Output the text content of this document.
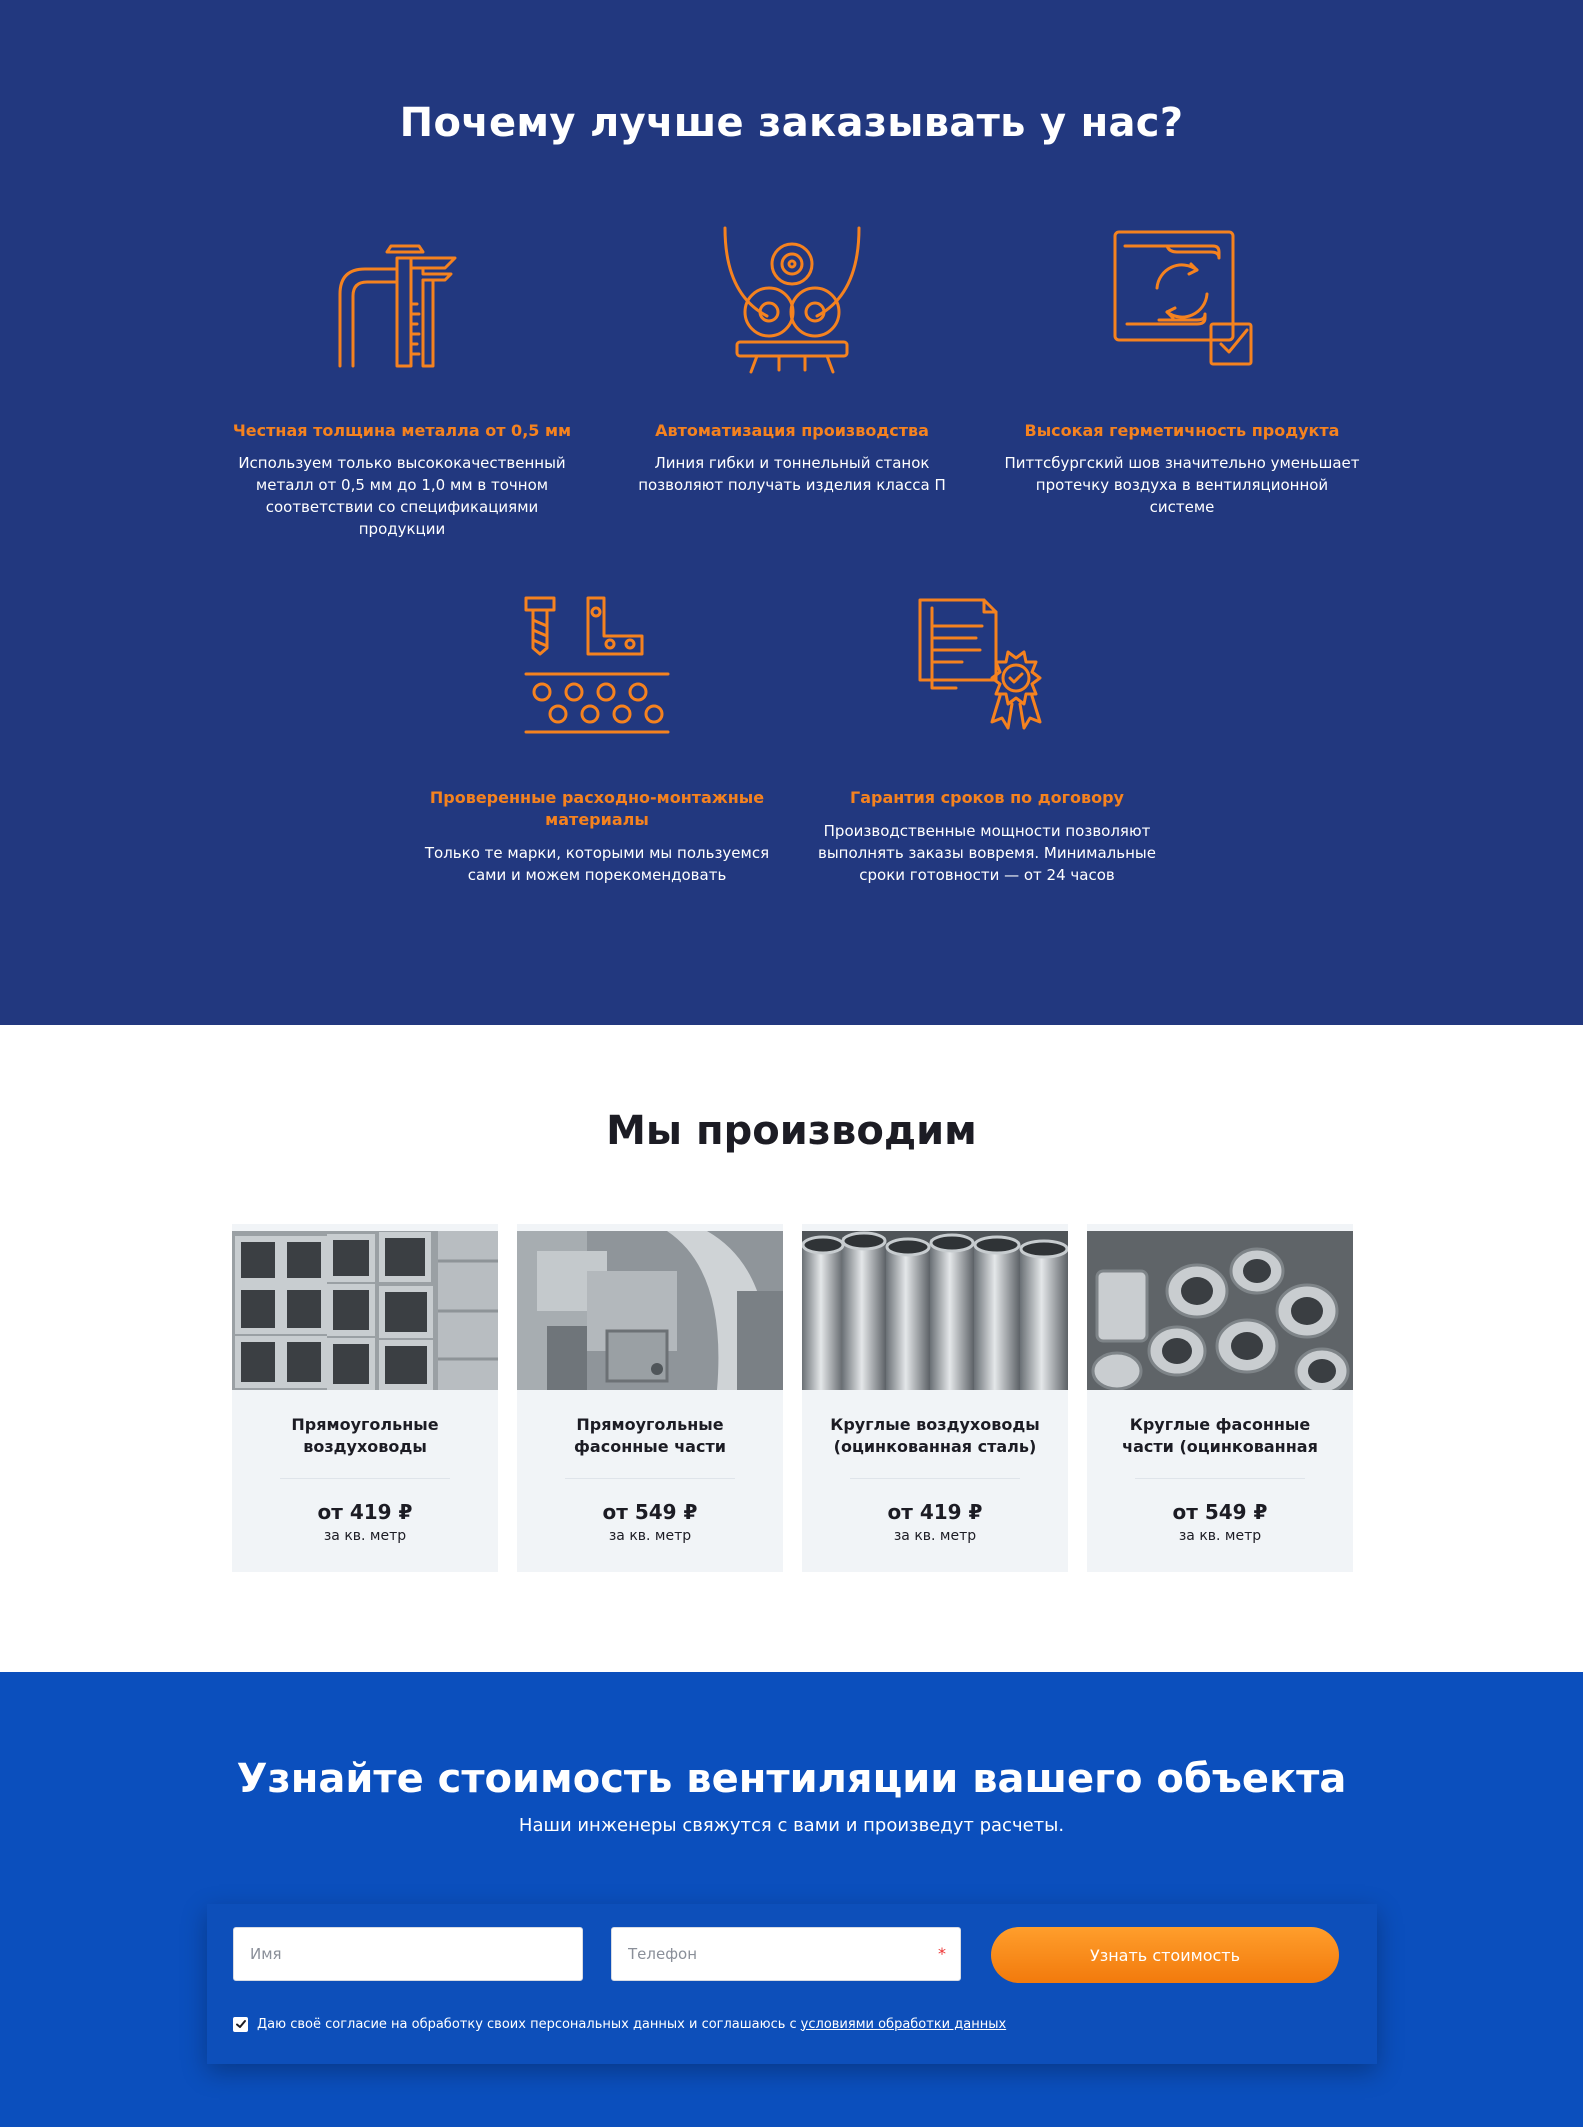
Почему лучше заказывать у нас?
Честная толщина металла от 0,5 мм
Используем только высококачественный металл от 0,5 мм до 1,0 мм в точном соответствии со спецификациями продукции
Автоматизация производства
Линия гибки и тоннельный станок позволяют получать изделия класса П
Высокая герметичность продукта
Питтсбургский шов значительно уменьшает протечку воздуха в вентиляционной системе
Проверенные расходно-монтажные материалы
Только те марки, которыми мы пользуемся сами и можем порекомендовать
Гарантия сроков по договору
Производственные мощности позволяют выполнять заказы вовремя. Минимальные сроки готовности — от 24 часов
Мы производим
Прямоугольные воздуховоды
от 419 ₽
за кв. метр
Прямоугольные фасонные части
от 549 ₽
за кв. метр
Круглые воздуховоды (оцинкованная сталь)
от 419 ₽
за кв. метр
Круглые фасонные части (оцинкованная
от 549 ₽
за кв. метр
Узнайте стоимость вентиляции вашего объекта

Наши инженеры свяжутся с вами и произведут расчеты.

Имя
Телефон
*	Узнать стоимость
Даю своё согласие на обработку своих персональных данных и соглашаюсь с условиями обработки данных
